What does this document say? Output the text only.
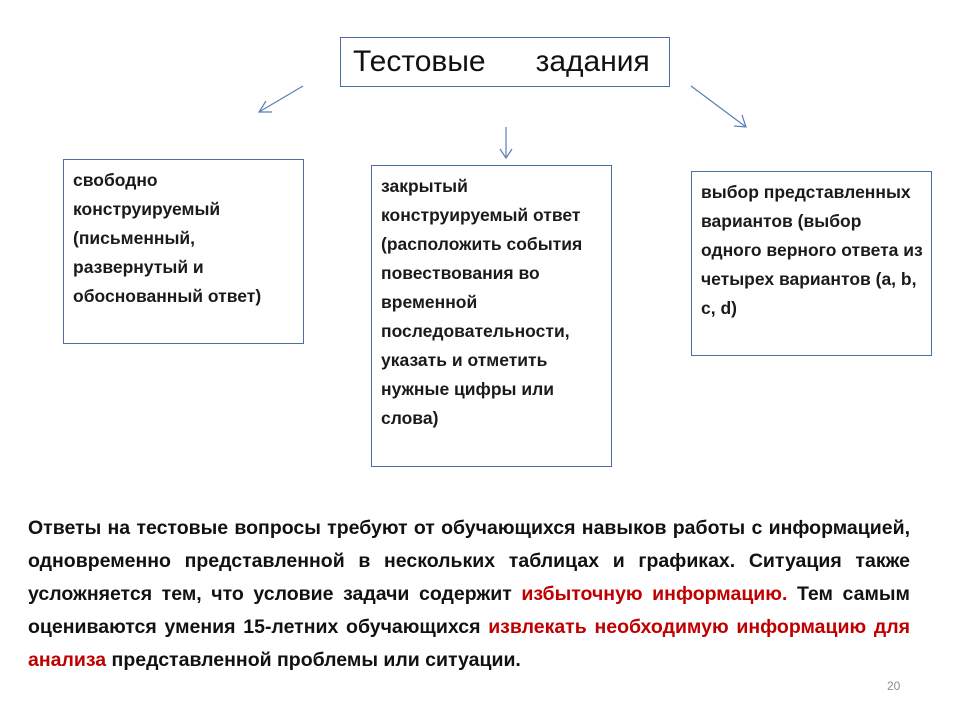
Тестовые      задания
свободно конструируемый (письменный, развернутый и обоснованный ответ)
закрытый конструируемый ответ (расположить события повествования во временной последовательности, указать и отметить нужные цифры или слова)
выбор представленных вариантов (выбор одного верного ответа из четырех вариантов (a, b, c, d)
Ответы на тестовые вопросы требуют от обучающихся навыков работы с информацией, одновременно представленной в нескольких таблицах и графиках. Ситуация также усложняется тем, что условие задачи содержит избыточную информацию. Тем самым оцениваются умения 15-летних обучающихся извлекать необходимую информацию для анализа представленной проблемы или ситуации.
20
